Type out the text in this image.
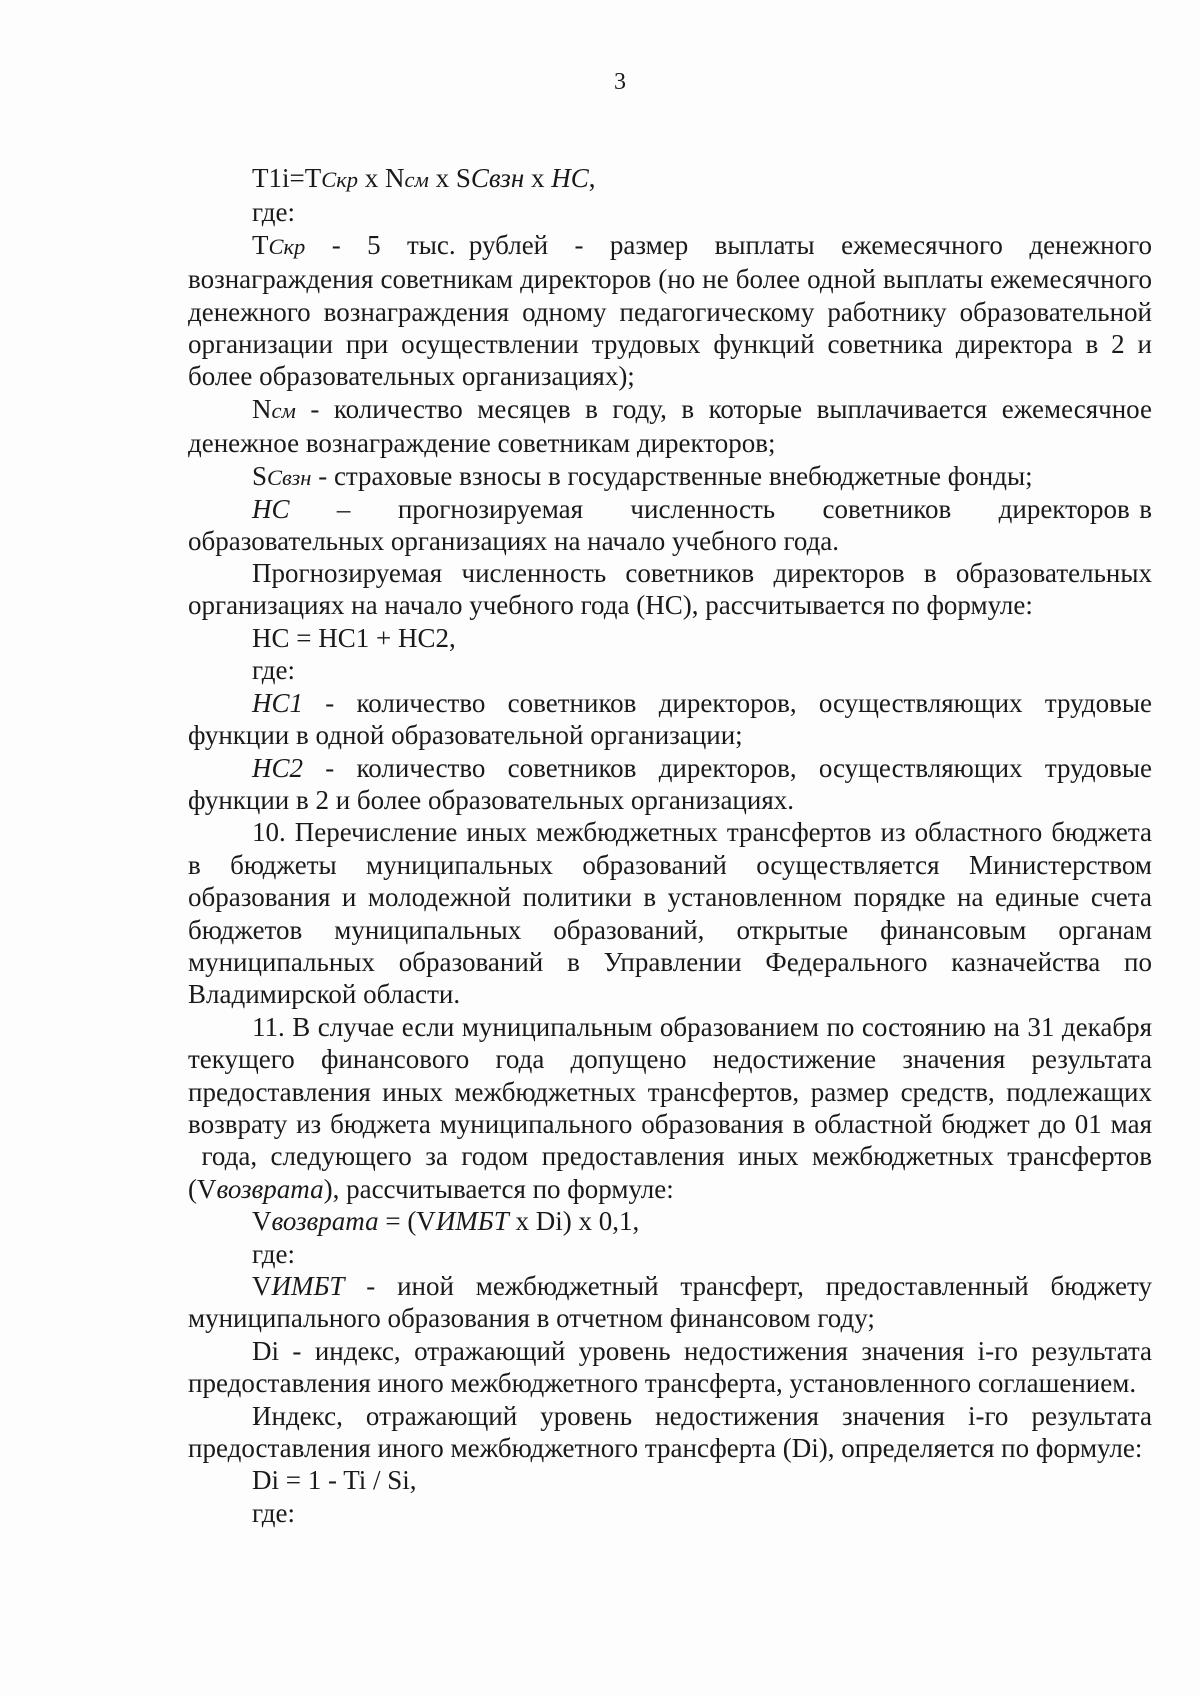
3

T1i=TСкр x Nсм x SCвзн x НС,

где:

TСкр  -  5  тыс. рублей  -  размер  выплаты  ежемесячного  денежного вознаграждения советникам директоров (но не более одной выплаты ежемесячного денежного вознаграждения одному педагогическому работнику образовательной организации при осуществлении трудовых функций советника директора в 2 и более образовательных организациях);

Nсм - количество месяцев в году, в которые выплачивается ежемесячное денежное вознаграждение советникам директоров;

SСвзн - страховые взносы в государственные внебюджетные фонды;

НС     –     прогнозируемая     численность     советников     директоров в образовательных организациях на начало учебного года.

Прогнозируемая численность советников директоров в образовательных организациях на начало учебного года (НС), рассчитывается по формуле:

НС = НС1 + НС2,

где:

НС1 - количество советников директоров, осуществляющих трудовые функции в одной образовательной организации;

НС2 - количество советников директоров, осуществляющих трудовые функции в 2 и более образовательных организациях.

10. Перечисление иных межбюджетных трансфертов из областного бюджета в бюджеты муниципальных образований осуществляется Министерством образования и молодежной политики в установленном порядке на единые счета бюджетов муниципальных образований, открытые финансовым органам муниципальных образований в Управлении Федерального казначейства по Владимирской области.

11. В случае если муниципальным образованием по состоянию на 31 декабря текущего финансового года допущено недостижение значения результата предоставления иных межбюджетных трансфертов, размер средств, подлежащих возврату из бюджета муниципального образования в областной бюджет до 01 мая  года, следующего за годом предоставления иных межбюджетных трансфертов (Vвозврата), рассчитывается по формуле:

Vвозврата = (VИМБТ x Di) x 0,1,

где:

VИМБТ - иной межбюджетный трансферт, предоставленный бюджету муниципального образования в отчетном финансовом году;

Di - индекс, отражающий уровень недостижения значения i-го результата предоставления иного межбюджетного трансферта, установленного соглашением.

Индекс, отражающий уровень недостижения значения i-го результата предоставления иного межбюджетного трансферта (Di), определяется по формуле:

Di = 1 - Ti / Si,

где:
